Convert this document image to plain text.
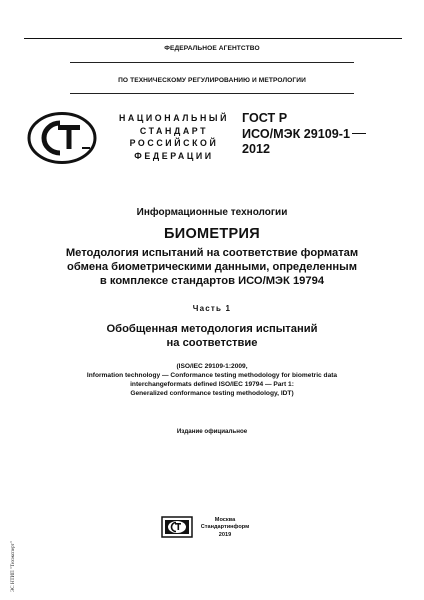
ФЕДЕРАЛЬНОЕ АГЕНТСТВО
ПО ТЕХНИЧЕСКОМУ РЕГУЛИРОВАНИЮ И МЕТРОЛОГИИ
НАЦИОНАЛЬНЫЙ
СТАНДАРТ
РОССИЙСКОЙ
ФЕДЕРАЦИИ
ГОСТ Р
ИСО/МЭК 29109-1
2012
Информационные технологии
БИОМЕТРИЯ
Методология испытаний на соответствие форматам
обмена биометрическими данными, определенным
в комплексе стандартов ИСО/МЭК 19794
Часть 1
Обобщенная методология испытаний
на соответствие
(ISO/IEC 29109-1:2009,
Information technology — Conformance testing methodology for biometric data
interchangeformats defined ISO/IEC 19794 — Part 1:
Generalized conformance testing methodology, IDT)
Издание официальное
Москва
Стандартинформ
2019
ЭС НТИП "Техэксперт"
